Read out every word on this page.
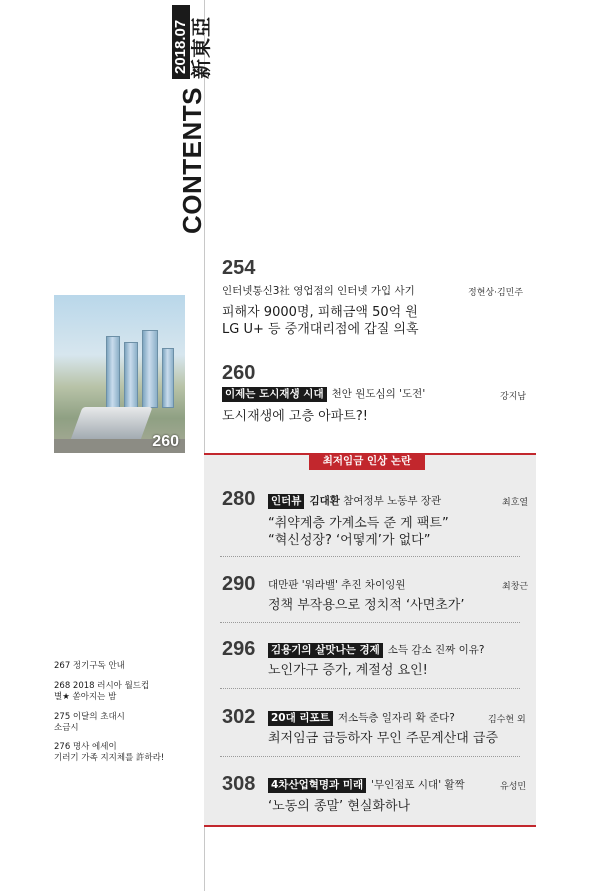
CONTENTS
2018.07 新東亞
260
254
인터넷통신3社 영업점의 인터넷 가입 사기	정현상·김민주
피해자 9000명, 피해금액 50억 원
LG U+ 등 중개대리점에 갑질 의혹
260
이제는 도시재생 시대 천안 원도심의 '도전'	강지남
도시재생에 고층 아파트?!
최저임금 인상 논란
280 인터뷰 김대환 참여정부 노동부 장관	최호열
“취약계층 가계소득 준 게 팩트”
“혁신성장? ‘어떻게’가 없다”
290 대만판 '워라밸' 추진 차이잉원	최창근
정책 부작용으로 정치적 ‘사면초가’
296 김용기의 살맛나는 경제 소득 감소 진짜 이유?
노인가구 증가, 계절성 요인!
302 20대 리포트 저소득층 일자리 확 준다?	김수현 외
최저임금 급등하자 무인 주문계산대 급증
308 4차산업혁명과 미래 '무인점포 시대' 활짝	유성민
‘노동의 종말’ 현실화하나
267 정기구독 안내
268 2018 러시아 월드컵
별★ 쏟아지는 밤
275 이달의 초대시
소금시
276 명사 에세이
기러기 가족 지지체를 許하라!
